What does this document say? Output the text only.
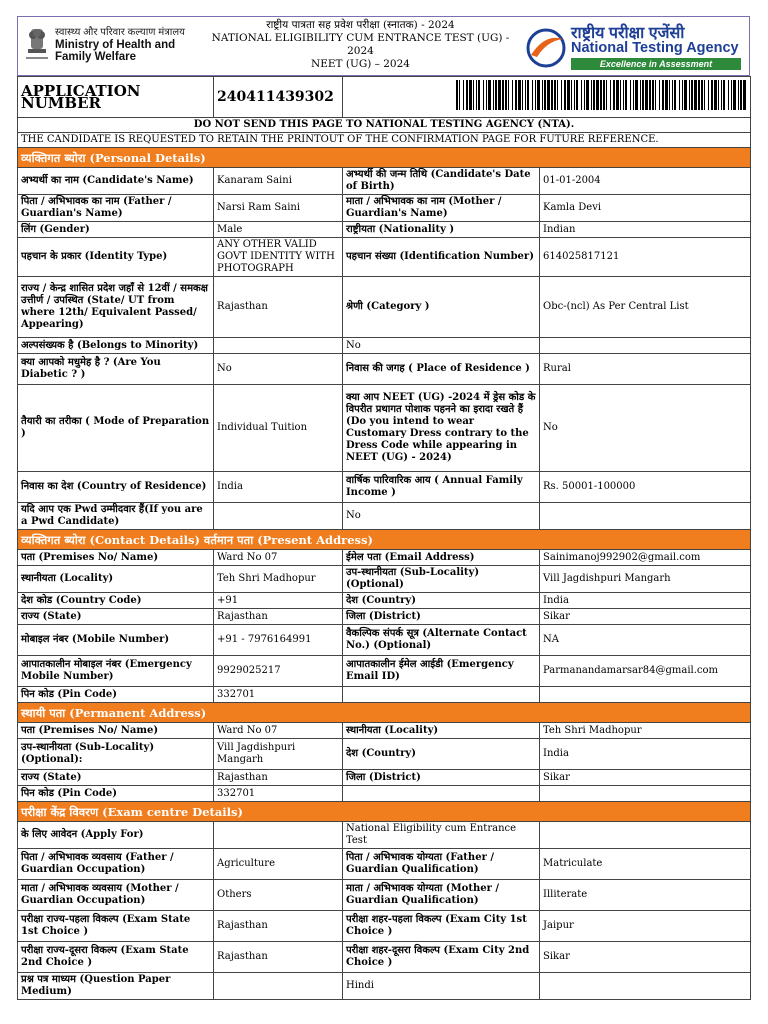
स्वास्थ्य और परिवार कल्याण मंत्रालय
Ministry of Health and
Family Welfare
राष्ट्रीय पात्रता सह प्रवेश परीक्षा (स्नातक) - 2024
NATIONAL ELIGIBILITY CUM ENTRANCE TEST (UG) -
2024
NEET (UG) – 2024
राष्ट्रीय परीक्षा एजेंसी
National Testing Agency
Excellence in Assessment
APPLICATION NUMBER	240411439302	
DO NOT SEND THIS PAGE TO NATIONAL TESTING AGENCY (NTA).			
THE CANDIDATE IS REQUESTED TO RETAIN THE PRINTOUT OF THE CONFIRMATION PAGE FOR FUTURE REFERENCE.			
व्यक्तिगत ब्योरा (Personal Details)			
अभ्यर्थी का नाम (Candidate's Name)	Kanaram Saini	अभ्यर्थी की जन्म तिथि (Candidate's Date of Birth)	01-01-2004
पिता / अभिभावक का नाम (Father / Guardian's Name)	Narsi Ram Saini	माता / अभिभावक का नाम (Mother / Guardian's Name)	Kamla Devi
लिंग (Gender)	Male	राष्ट्रीयता (Nationality )	Indian
पहचान के प्रकार (Identity Type)	ANY OTHER VALID GOVT IDENTITY WITH PHOTOGRAPH	पहचान संख्या (Identification Number)	614025817121
राज्य / केन्द्र शासित प्रदेश जहाँ से 12वीं / समकक्ष उत्तीर्ण / उपस्थित (State/ UT from where 12th/ Equivalent Passed/ Appearing)	Rajasthan	श्रेणी (Category )	Obc-(ncl) As Per Central List
अल्पसंख्यक है (Belongs to Minority)		No	
क्या आपको मधुमेह है ? (Are You Diabetic ? )	No	निवास की जगह ( Place of Residence )	Rural
तैयारी का तरीका ( Mode of Preparation )	Individual Tuition	क्या आप NEET (UG) -2024 में ड्रेस कोड के विपरीत प्रथागत पोशाक पहनने का इरादा रखते हैं (Do you intend to wear Customary Dress contrary to the Dress Code while appearing in NEET (UG) - 2024)	No
निवास का देश (Country of Residence)	India	वार्षिक पारिवारिक आय ( Annual Family Income )	Rs. 50001-100000
यदि आप एक Pwd उम्मीदवार हैं(If you are a Pwd Candidate)		No	
व्यक्तिगत ब्योरा (Contact Details) वर्तमान पता (Present Address)			
पता (Premises No/ Name)	Ward No 07	ईमेल पता (Email Address)	Sainimanoj992902@gmail.com
स्थानीयता (Locality)	Teh Shri Madhopur	उप-स्थानीयता (Sub-Locality)(Optional)	Vill Jagdishpuri Mangarh
देश कोड (Country Code)	+91	देश (Country)	India
राज्य (State)	Rajasthan	जिला (District)	Sikar
मोबाइल नंबर (Mobile Number)	+91 - 7976164991	वैकल्पिक संपर्क सूत्र (Alternate Contact No.) (Optional)	NA
आपातकालीन मोबाइल नंबर (Emergency Mobile Number)	9929025217	आपातकालीन ईमेल आईडी (Emergency Email ID)	Parmanandamarsar84@gmail.com
पिन कोड (Pin Code)	332701		
स्थायी पता (Permanent Address)			
पता (Premises No/ Name)	Ward No 07	स्थानीयता (Locality)	Teh Shri Madhopur
उप-स्थानीयता (Sub-Locality)(Optional):	Vill Jagdishpuri Mangarh	देश (Country)	India
राज्य (State)	Rajasthan	जिला (District)	Sikar
पिन कोड (Pin Code)	332701		
परीक्षा केंद्र विवरण (Exam centre Details)			
के लिए आवेदन (Apply For)		National Eligibility cum Entrance Test	
पिता / अभिभावक व्यवसाय (Father / Guardian Occupation)	Agriculture	पिता / अभिभावक योग्यता (Father / Guardian Qualification)	Matriculate
माता / अभिभावक व्यवसाय (Mother / Guardian Occupation)	Others	माता / अभिभावक योग्यता (Mother / Guardian Qualification)	Illiterate
परीक्षा राज्य-पहला विकल्प (Exam State 1st Choice )	Rajasthan	परीक्षा शहर-पहला विकल्प (Exam City 1st Choice )	Jaipur
परीक्षा राज्य-दूसरा विकल्प (Exam State 2nd Choice )	Rajasthan	परीक्षा शहर-दूसरा विकल्प (Exam City 2nd Choice )	Sikar
प्रश्न पत्र माध्यम (Question Paper Medium)		Hindi	
